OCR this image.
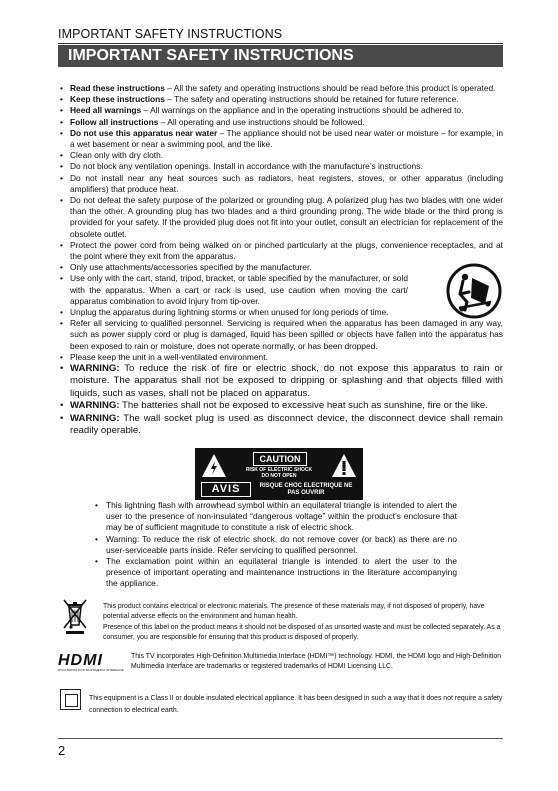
IMPORTANT SAFETY INSTRUCTIONS
IMPORTANT SAFETY INSTRUCTIONS
• Read these instructions – All the safety and operating instructions should be read before this product is operated.
• Keep these instructions – The safety and operating instructions should be retained for future reference.
• Heed all warnings – All warnings on the appliance and in the operating instructions should be adhered to.
• Follow all instructions – All operating and use instructions should be followed.
• Do not use this apparatus near water – The appliance should not be used near water or moisture – for example, in a wet basement or near a swimming pool, and the like.
• Clean only with dry cloth.
• Do not block any ventilation openings. Install in accordance with the manufacture’s instructions.
• Do not install near any heat sources such as radiators, heat registers, stoves, or other apparatus (including amplifiers) that produce heat.
• Do not defeat the safety purpose of the polarized or grounding plug. A polarized plug has two blades with one wider than the other. A grounding plug has two blades and a third grounding prong. The wide blade or the third prong is provided for your safety. If the provided plug does not fit into your outlet, consult an electrician for replacement of the obsolete outlet.
• Protect the power cord from being walked on or pinched particularly at the plugs, convenience receptacles, and at the point where they exit from the apparatus.
• Only use attachments/accessories specified by the manufacturer.
• Use only with the cart, stand, tripod, bracket, or table specified by the manufacturer, or sold with the apparatus. When a cart or rack is used, use caution when moving the cart/ apparatus combination to avoid injury from tip-over.
• Unplug the apparatus during lightning storms or when unused for long periods of time.
• Refer all servicing to qualified personnel. Servicing is required when the apparatus has been damaged in any way, such as power supply cord or plug is damaged, liquid has been spilled or objects have fallen into the apparatus has been exposed to rain or moisture, does not operate normally, or has been dropped.
• Please keep the unit in a well-ventilated environment.
• WARNING: To reduce the risk of fire or electric shock, do not expose this apparatus to rain or moisture. The apparatus shall not be exposed to dripping or splashing and that objects filled with liquids, such as vases, shall not be placed on apparatus.
• WARNING: The batteries shall not be exposed to excessive heat such as sunshine, fire or the like.
• WARNING: The wall socket plug is used as disconnect device, the disconnect device shall remain readily operable.
CAUTION
RISK OF ELECTRIC SHOCK
DO NOT OPEN
AVIS	RISQUE CHOC ELECTRIQUE NE
PAS OUVRIR
• This lightning flash with arrowhead symbol within an equilateral triangle is intended to alert the user to the presence of non-insulated “dangerous voltage” within the product’s enclosure that may be of sufficient magnitude to constitute a risk of electric shock.
• Warning: To reduce the risk of electric shock, do not remove cover (or back) as there are no user-serviceable parts inside. Refer servicing to qualified personnel.
• The exclamation point within an equilateral triangle is intended to alert the user to the presence of important operating and maintenance instructions in the literature accompanying the appliance.

This product contains electrical or electronic materials. The presence of these materials may, if not disposed of properly, have potential adverse effects on the environment and human health.

Presence of this label on the product means it should not be disposed of as unsorted waste and must be collected separately. As a consumer, you are responsible for ensuring that this product is disposed of properly.

HDMI
HIGH-DEFINITION MULTIMEDIA INTERFACE
This TV incorporates High-Definition Multimedia Interface (HDMI™) technology. HDMI, the HDMI logo and High-Definition Multimedia Interface are trademarks or registered trademarks of HDMI Licensing LLC.
This equipment is a Class II or double insulated electrical appliance. It has been designed in such a way that it does not require a safety connection to electrical earth.
2
